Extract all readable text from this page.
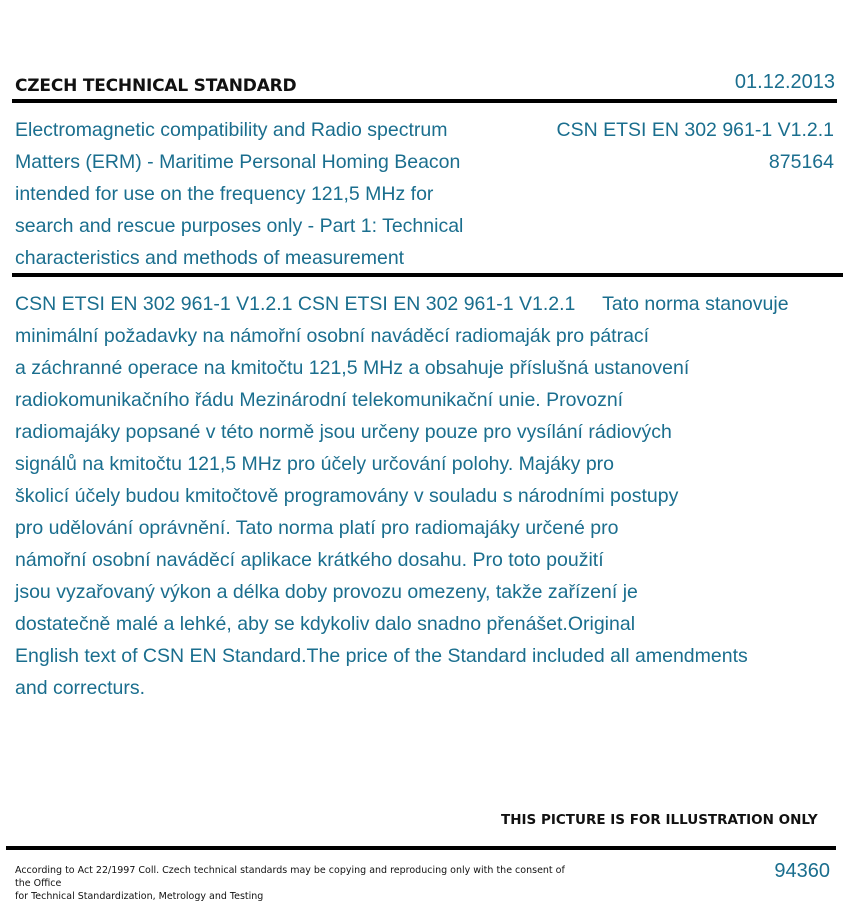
CZECH TECHNICAL STANDARD	01.12.2013
Electromagnetic compatibility and Radio spectrum
Matters (ERM) - Maritime Personal Homing Beacon
intended for use on the frequency 121,5 MHz for
search and rescue purposes only - Part 1: Technical
characteristics and methods of measurement
CSN ETSI EN 302 961-1 V1.2.1
875164
CSN ETSI EN 302 961-1 V1.2.1 CSN ETSI EN 302 961-1 V1.2.1     Tato norma stanovuje
minimální požadavky na námořní osobní naváděcí radiomaják pro pátrací
a záchranné operace na kmitočtu 121,5 MHz a obsahuje příslušná ustanovení
radiokomunikačního řádu Mezinárodní telekomunikační unie. Provozní
radiomajáky popsané v této normě jsou určeny pouze pro vysílání rádiových
signálů na kmitočtu 121,5 MHz pro účely určování polohy. Majáky pro
školicí účely budou kmitočtově programovány v souladu s národními postupy
pro udělování oprávnění. Tato norma platí pro radiomajáky určené pro
námořní osobní naváděcí aplikace krátkého dosahu. Pro toto použití
jsou vyzařovaný výkon a délka doby provozu omezeny, takže zařízení je
dostatečně malé a lehké, aby se kdykoliv dalo snadno přenášet.Original
English text of CSN EN Standard.The price of the Standard included all amendments
and correcturs.
THIS PICTURE IS FOR ILLUSTRATION ONLY
According to Act 22/1997 Coll. Czech technical standards may be copying and reproducing only with the consent of the Office
for Technical Standardization, Metrology and Testing
94360
